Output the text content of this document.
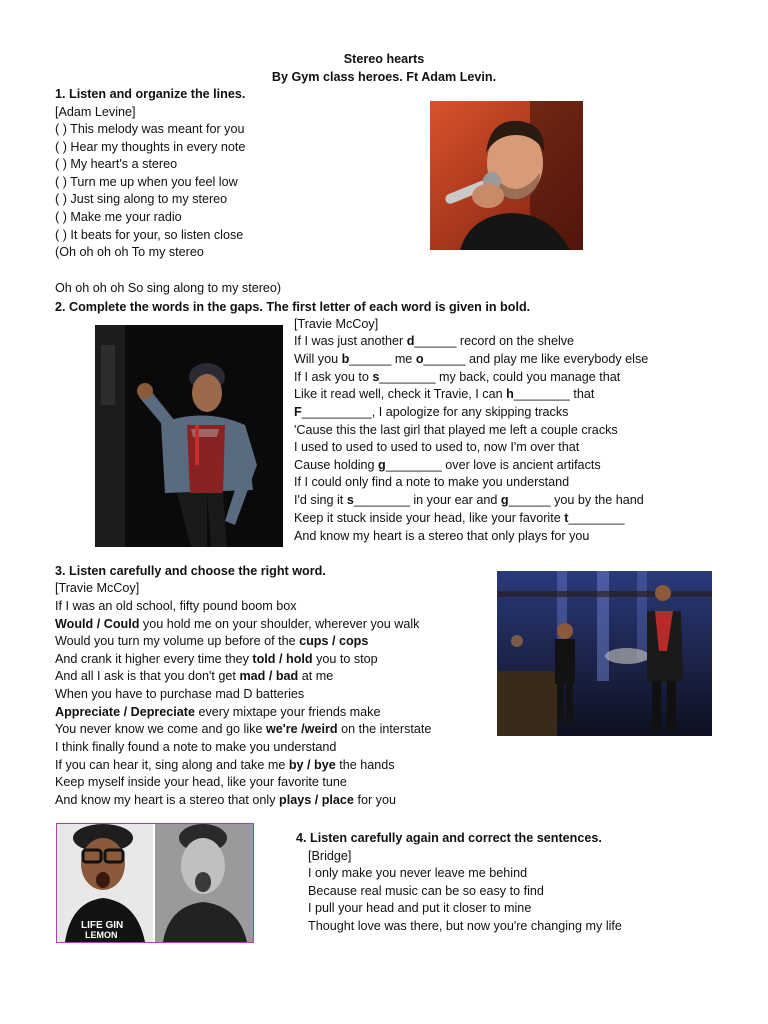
Stereo hearts
By Gym class heroes. Ft Adam Levin.
1. Listen and organize the lines.
[Adam Levine]
( ) This melody was meant for you
( ) Hear my thoughts in every note
( ) My heart's a stereo
( ) Turn me up when you feel low
( ) Just sing along to my stereo
( ) Make me your radio
( ) It beats for your, so listen close
(Oh oh oh oh To my stereo
Oh oh oh oh So sing along to my stereo)
2. Complete the words in the gaps. The first letter of each word is given in bold.
[Travie McCoy]
If I was just another d______ record on the shelve
Will you b______ me o______ and play me like everybody else
If I ask you to s________ my back, could you manage that
Like it read well, check it Travie, I can h________ that
F__________, I apologize for any skipping tracks
'Cause this the last girl that played me left a couple cracks
I used to used to used to used to, now I'm over that
Cause holding g________ over love is ancient artifacts
If I could only find a note to make you understand
I'd sing it s________ in your ear and g______ you by the hand
Keep it stuck inside your head, like your favorite t________
And know my heart is a stereo that only plays for you
3. Listen carefully and choose the right word.
[Travie McCoy]
If I was an old school, fifty pound boom box
Would / Could you hold me on your shoulder, wherever you walk
Would you turn my volume up before of the cups / cops
And crank it higher every time they told / hold you to stop
And all I ask is that you don't get mad / bad at me
When you have to purchase mad D batteries
Appreciate / Depreciate every mixtape your friends make
You never know we come and go like we're /weird on the interstate
I think finally found a note to make you understand
If you can hear it, sing along and take me by / bye the hands
Keep myself inside your head, like your favorite tune
And know my heart is a stereo that only plays / place for you
4. Listen carefully again and correct the sentences.
[Bridge]
I only make you never leave me behind
Because real music can be so easy to find
I pull your head and put it closer to mine
Thought love was there, but now you're changing my life
LIFE GIN
LEMON
